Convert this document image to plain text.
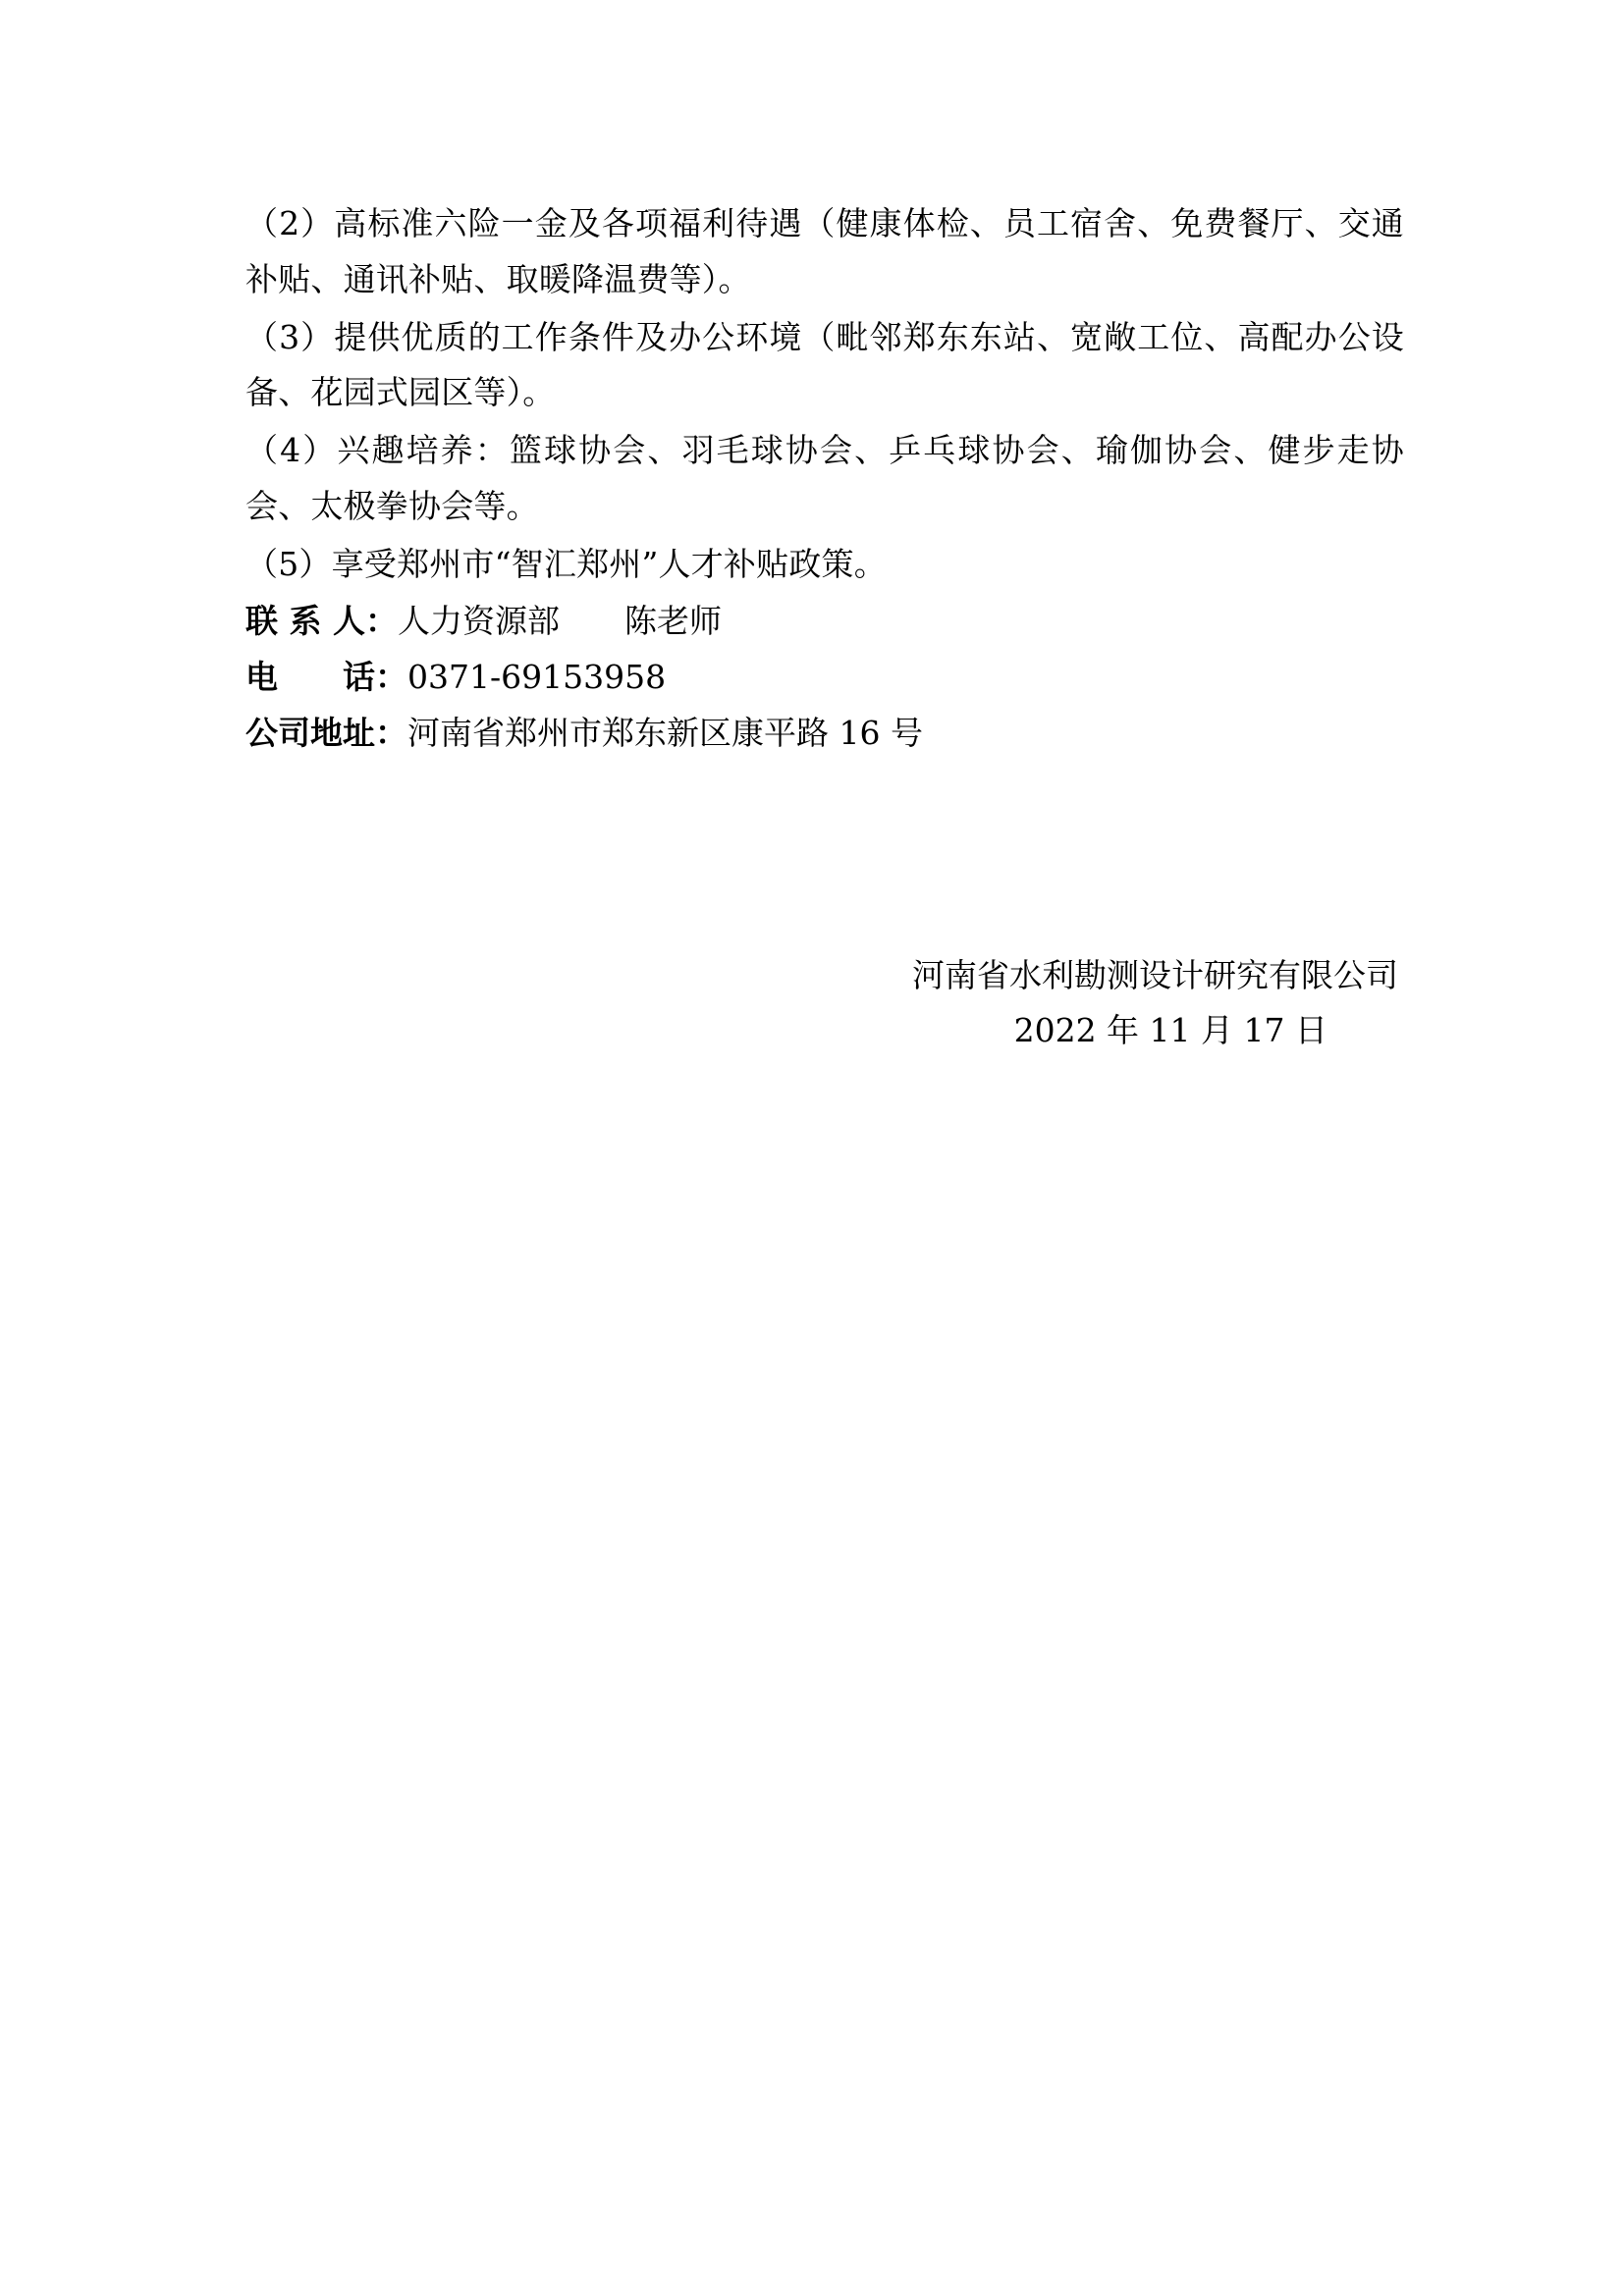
（2）高标准六险一金及各项福利待遇（健康体检、员工宿舍、免费餐厅、交通补贴、通讯补贴、取暖降温费等）。

（3）提供优质的工作条件及办公环境（毗邻郑东东站、宽敞工位、高配办公设备、花园式园区等）。

（4）兴趣培养：篮球协会、羽毛球协会、乒乓球协会、瑜伽协会、健步走协会、太极拳协会等。

（5）享受郑州市“智汇郑州”人才补贴政策。

联 系 人： 人力资源部　　陈老师
电　　话： 0371-69153958
公司地址： 河南省郑州市郑东新区康平路 16 号

河南省水利勘测设计研究有限公司

2022 年 11 月 17 日
